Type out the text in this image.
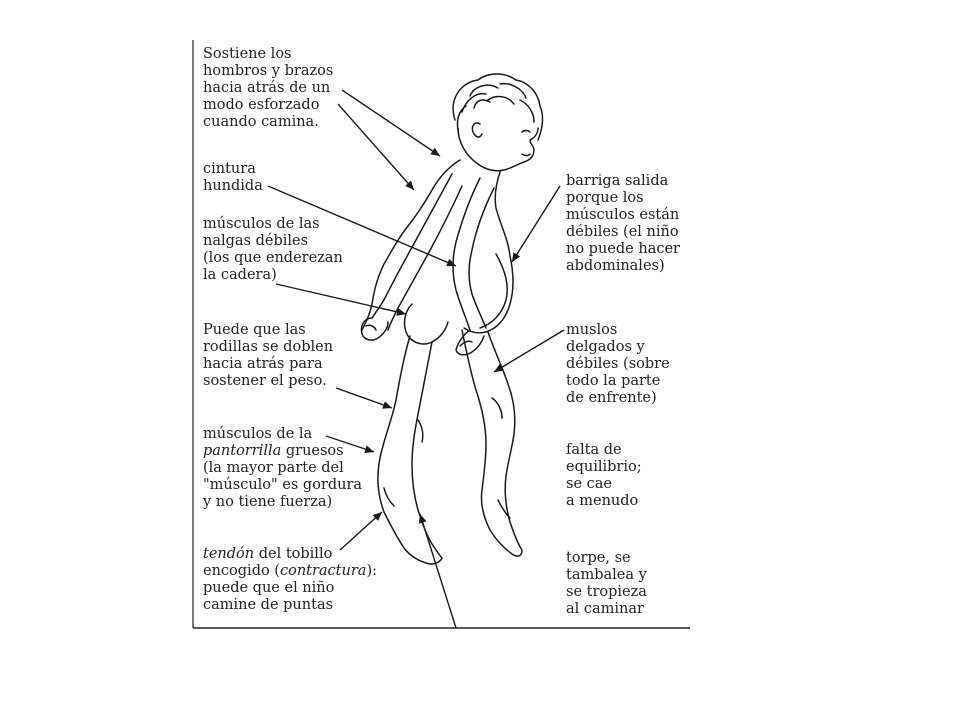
Sostiene los
hombros y brazos
hacia atrás de un
modo esforzado
cuando camina.
cintura
hundida
músculos de las
nalgas débiles
(los que enderezan
la cadera)
Puede que las
rodillas se doblen
hacia atrás para
sostener el peso.
músculos de la
pantorrilla gruesos
(la mayor parte del
"músculo" es gordura
y no tiene fuerza)
tendón del tobillo
encogido (contractura):
puede que el niño
camine de puntas
barriga salida
porque los
músculos están
débiles (el niño
no puede hacer
abdominales)
muslos
delgados y
débiles (sobre
todo la parte
de enfrente)
falta de
equilibrio;
se cae
a menudo
torpe, se
tambalea y
se tropieza
al caminar
